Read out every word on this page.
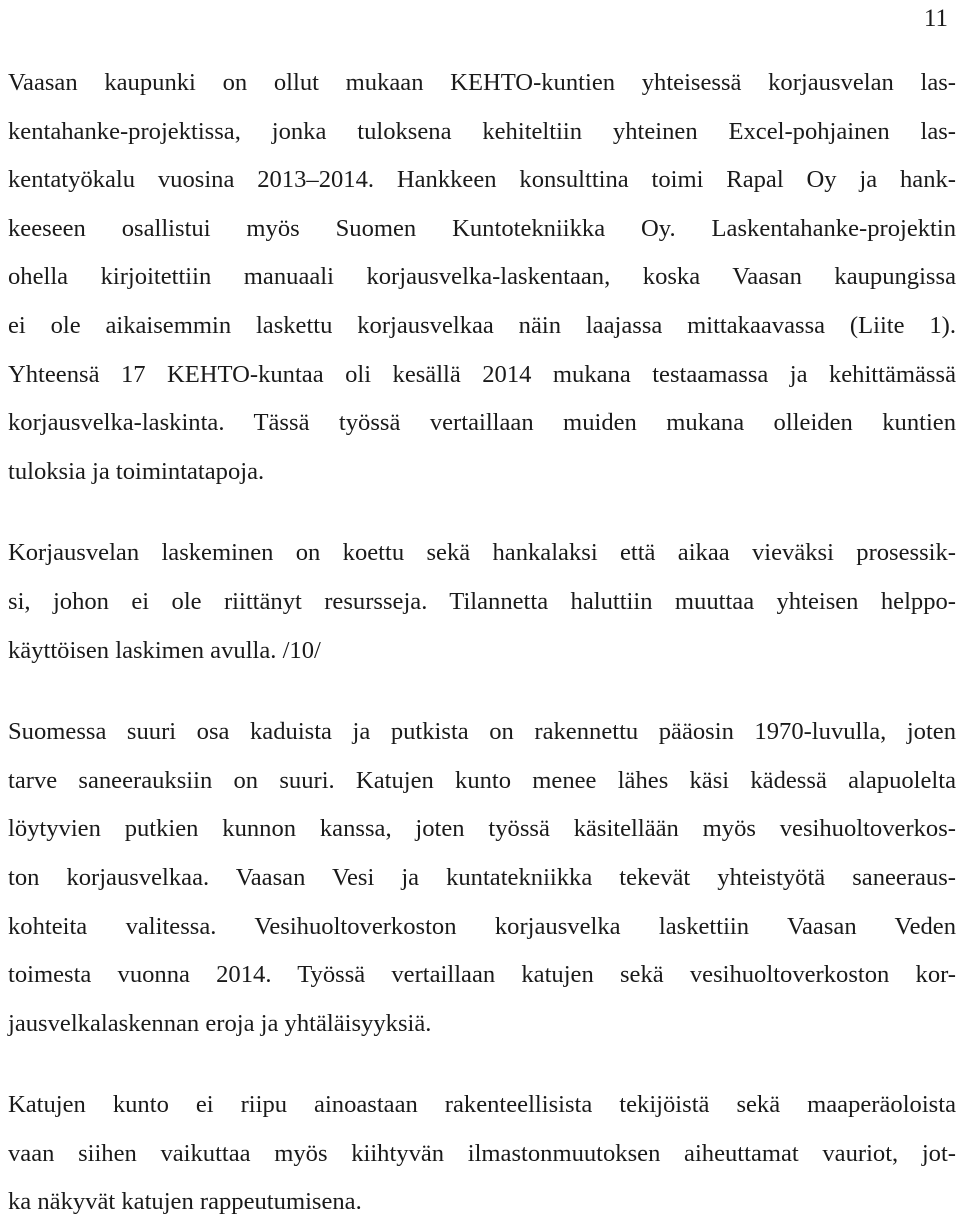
11
Vaasan kaupunki on ollut mukaan KEHTO-kuntien yhteisessä korjausvelan las-
kentahanke-projektissa, jonka tuloksena kehiteltiin yhteinen Excel-pohjainen las-
kentatyökalu vuosina 2013–2014. Hankkeen konsulttina toimi Rapal Oy ja hank-
keeseen osallistui myös Suomen Kuntotekniikka Oy. Laskentahanke-projektin
ohella kirjoitettiin manuaali korjausvelka-laskentaan, koska Vaasan kaupungissa
ei ole aikaisemmin laskettu korjausvelkaa näin laajassa mittakaavassa (Liite 1).
Yhteensä 17 KEHTO-kuntaa oli kesällä 2014 mukana testaamassa ja kehittämässä
korjausvelka-laskinta. Tässä työssä vertaillaan muiden mukana olleiden kuntien
tuloksia ja toimintatapoja.
Korjausvelan laskeminen on koettu sekä hankalaksi että aikaa vieväksi prosessik-
si, johon ei ole riittänyt resursseja. Tilannetta haluttiin muuttaa yhteisen helppo-
käyttöisen laskimen avulla. /10/
Suomessa suuri osa kaduista ja putkista on rakennettu pääosin 1970-luvulla, joten
tarve saneerauksiin on suuri. Katujen kunto menee lähes käsi kädessä alapuolelta
löytyvien putkien kunnon kanssa, joten työssä käsitellään myös vesihuoltoverkos-
ton korjausvelkaa. Vaasan Vesi ja kuntatekniikka tekevät yhteistyötä saneeraus-
kohteita valitessa. Vesihuoltoverkoston korjausvelka laskettiin Vaasan Veden
toimesta vuonna 2014. Työssä vertaillaan katujen sekä vesihuoltoverkoston kor-
jausvelkalaskennan eroja ja yhtäläisyyksiä.
Katujen kunto ei riipu ainoastaan rakenteellisista tekijöistä sekä maaperäoloista
vaan siihen vaikuttaa myös kiihtyvän ilmastonmuutoksen aiheuttamat vauriot, jot-
ka näkyvät katujen rappeutumisena.
